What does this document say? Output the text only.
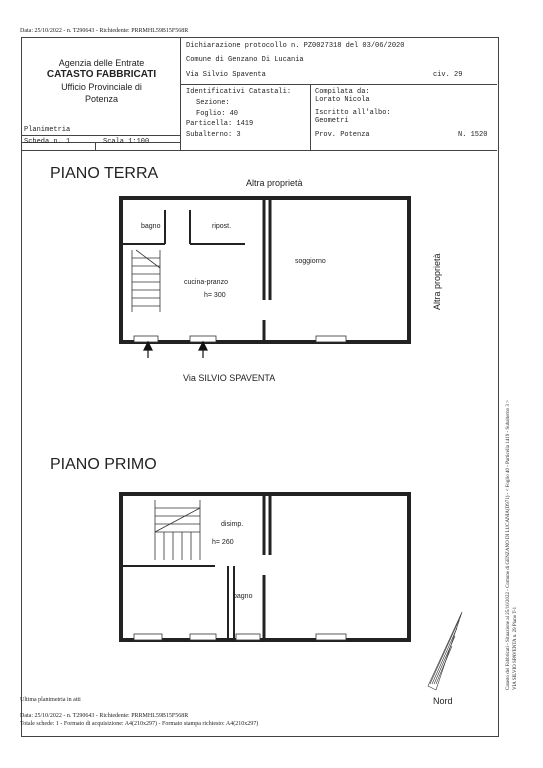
Data: 25/10/2022 - n. T290643 - Richiedente: PRRMHL59B15F568R
Agenzia delle Entrate
CATASTO FABBRICATI
Ufficio Provinciale di
Potenza
Dichiarazione protocollo n. PZ0027318 del 03/06/2020
Comune di Genzano Di Lucania
Via Silvio Spaventa	civ. 29
Identificativi Catastali:
Sezione:
Foglio: 40
Particella: 1419
Subalterno: 3
Compilata da:
Lorato Nicola
Iscritto all'albo:
Geometri
Prov. Potenza	N. 1520
Planimetria
Scheda n. 1	Scala 1:100
PIANO TERRA
Altra proprietà
Altra proprietà
Via SILVIO SPAVENTA
bagno	ripost.
cucina-pranzo
h= 300
soggiorno
PIANO PRIMO
disimp.
h= 260
bagno
Nord
Catasto dei Fabbricati - Situazione al 25/10/2022 - Comune di GENZANO DI LUCANIA(D971) - < Foglio 40 - Particella 1419 - Subalterno 3 > VIA SILVIO SPAVENTA n. 29 Piano T-1
Ultima planimetria in atti
Data: 25/10/2022 - n. T290643 - Richiedente: PRRMHL59B15F568R
Totale schede: 1 - Formato di acquisizione: A4(210x297) - Formato stampa richiesto: A4(210x297)
